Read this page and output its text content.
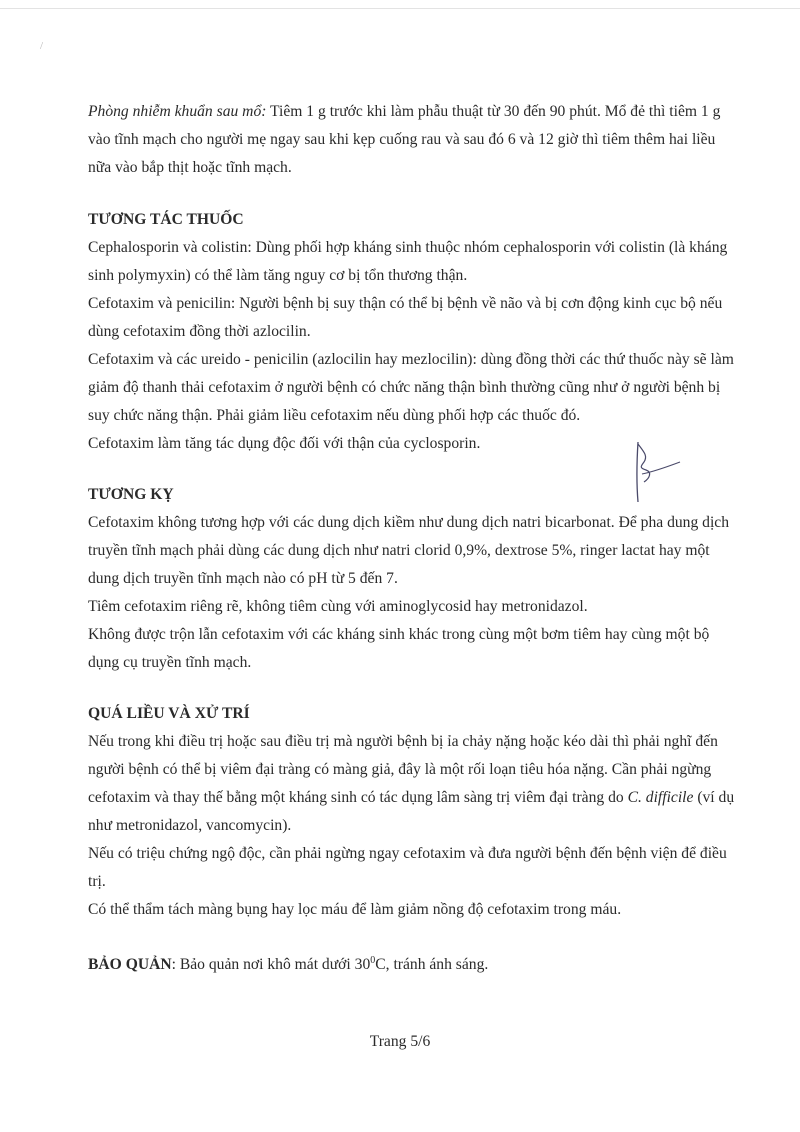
/

Phòng nhiễm khuẩn sau mổ: Tiêm 1 g trước khi làm phẫu thuật từ 30 đến 90 phút. Mổ đẻ thì tiêm 1 g vào tĩnh mạch cho người mẹ ngay sau khi kẹp cuống rau và sau đó 6 và 12 giờ thì tiêm thêm hai liều nữa vào bắp thịt hoặc tĩnh mạch.

TƯƠNG TÁC THUỐC

Cephalosporin và colistin: Dùng phối hợp kháng sinh thuộc nhóm cephalosporin với colistin (là kháng sinh polymyxin) có thể làm tăng nguy cơ bị tổn thương thận.

Cefotaxim và penicilin: Người bệnh bị suy thận có thể bị bệnh về não và bị cơn động kinh cục bộ nếu dùng cefotaxim đồng thời azlocilin.

Cefotaxim và các ureido - penicilin (azlocilin hay mezlocilin): dùng đồng thời các thứ thuốc này sẽ làm giảm độ thanh thải cefotaxim ở người bệnh có chức năng thận bình thường cũng như ở người bệnh bị suy chức năng thận. Phải giảm liều cefotaxim nếu dùng phối hợp các thuốc đó.

Cefotaxim làm tăng tác dụng độc đối với thận của cyclosporin.

TƯƠNG KỴ

Cefotaxim không tương hợp với các dung dịch kiềm như dung dịch natri bicarbonat. Để pha dung dịch truyền tĩnh mạch phải dùng các dung dịch như natri clorid 0,9%, dextrose 5%, ringer lactat hay một dung dịch truyền tĩnh mạch nào có pH từ 5 đến 7.

Tiêm cefotaxim riêng rẽ, không tiêm cùng với aminoglycosid hay metronidazol.

Không được trộn lẫn cefotaxim với các kháng sinh khác trong cùng một bơm tiêm hay cùng một bộ dụng cụ truyền tĩnh mạch.

QUÁ LIỀU VÀ XỬ TRÍ

Nếu trong khi điều trị hoặc sau điều trị mà người bệnh bị ỉa chảy nặng hoặc kéo dài thì phải nghĩ đến người bệnh có thể bị viêm đại tràng có màng giả, đây là một rối loạn tiêu hóa nặng. Cần phải ngừng cefotaxim và thay thế bằng một kháng sinh có tác dụng lâm sàng trị viêm đại tràng do C. difficile (ví dụ như metronidazol, vancomycin).

Nếu có triệu chứng ngộ độc, cần phải ngừng ngay cefotaxim và đưa người bệnh đến bệnh viện để điều trị.

Có thể thẩm tách màng bụng hay lọc máu để làm giảm nồng độ cefotaxim trong máu.

BẢO QUẢN: Bảo quản nơi khô mát dưới $30^0C$, tránh ánh sáng.

Trang 5/6
